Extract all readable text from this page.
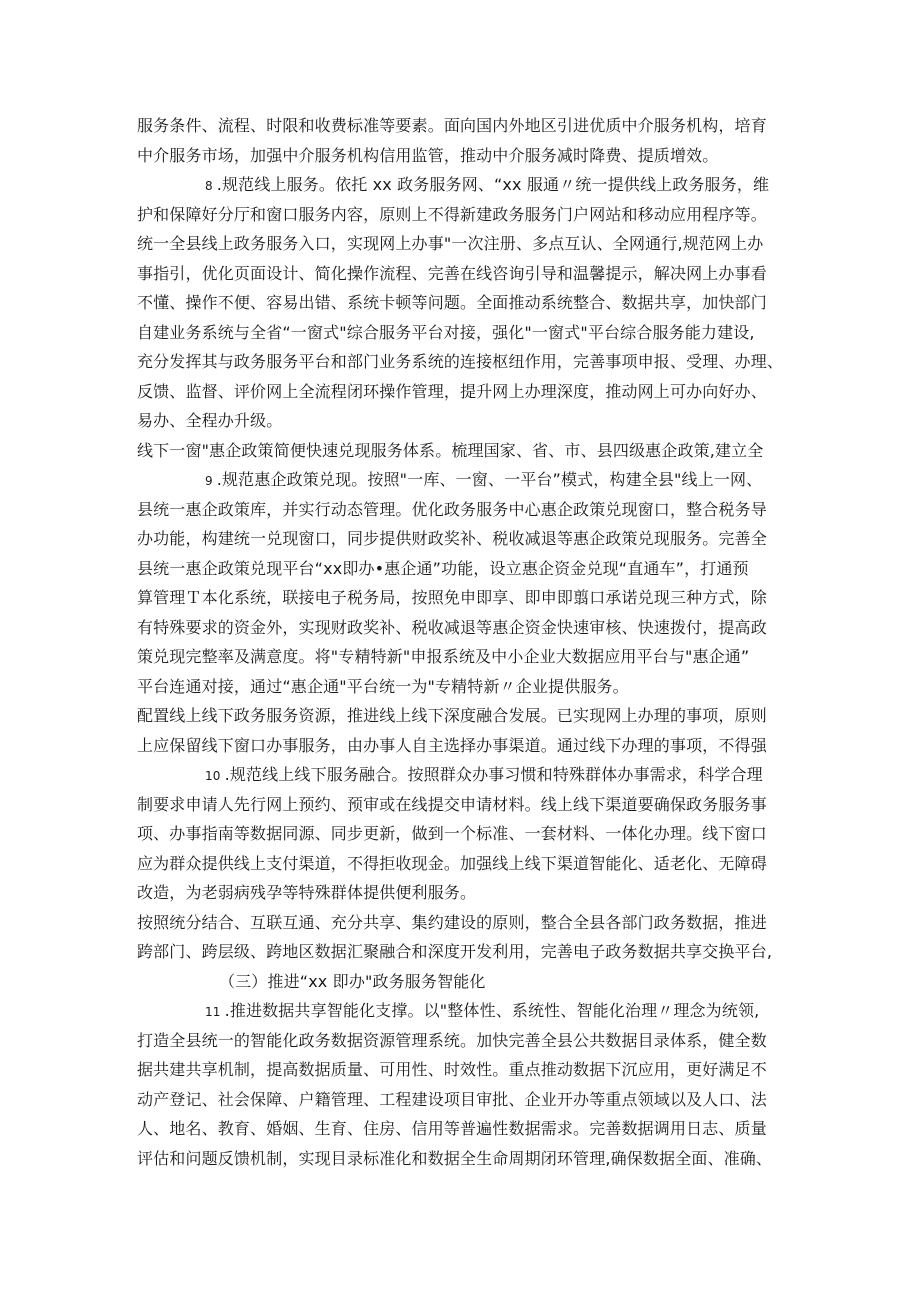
服务条件、流程、时限和收费标准等要素。面向国内外地区引进优质中介服务机构，培育
中介服务市场，加强中介服务机构信用监管，推动中介服务减时降费、提质增效。
8 .规范线上服务。依托 xx 政务服务网、“xx 服通〃统一提供线上政务服务，维
护和保障好分厅和窗口服务内容，原则上不得新建政务服务门户网站和移动应用程序等。
统一全县线上政务服务入口，实现网上办事"一次注册、多点互认、全网通行,规范网上办
事指引，优化页面设计、简化操作流程、完善在线咨询引导和温馨提示，解决网上办事看
不懂、操作不便、容易出错、系统卡顿等问题。全面推动系统整合、数据共享，加快部门
自建业务系统与全省“一窗式"综合服务平台对接，强化"一窗式"平台综合服务能力建设,
充分发挥其与政务服务平台和部门业务系统的连接枢纽作用，完善事项申报、受理、办理、
反馈、监督、评价网上全流程闭环操作管理，提升网上办理深度，推动网上可办向好办、
易办、全程办升级。
线下一窗"惠企政策简便快速兑现服务体系。梳理国家、省、市、县四级惠企政策,建立全
9 .规范惠企政策兑现。按照"一库、一窗、一平台”模式，构建全县"线上一网、
县统一惠企政策库，并实行动态管理。优化政务服务中心惠企政策兑现窗口，整合税务导
办功能，构建统一兑现窗口，同步提供财政奖补、税收减退等惠企政策兑现服务。完善全
县统一惠企政策兑现平台“xx即办•惠企通”功能，设立惠企资金兑现“直通车”，打通预
算管理Ｔ本化系统，联接电子税务局，按照免申即享、即申即翦口承诺兑现三种方式，除
有特殊要求的资金外，实现财政奖补、税收减退等惠企资金快速审核、快速拨付，提高政
策兑现完整率及满意度。将"专精特新"申报系统及中小企业大数据应用平台与"惠企通”
平台连通对接，通过“惠企通"平台统一为"专精特新〃企业提供服务。
配置线上线下政务服务资源，推进线上线下深度融合发展。已实现网上办理的事项，原则
上应保留线下窗口办事服务，由办事人自主选择办事渠道。通过线下办理的事项，不得强
10 .规范线上线下服务融合。按照群众办事习惯和特殊群体办事需求，科学合理
制要求申请人先行网上预约、预审或在线提交申请材料。线上线下渠道要确保政务服务事
项、办事指南等数据同源、同步更新，做到一个标准、一套材料、一体化办理。线下窗口
应为群众提供线上支付渠道，不得拒收现金。加强线上线下渠道智能化、适老化、无障碍
改造，为老弱病残孕等特殊群体提供便利服务。
按照统分结合、互联互通、充分共享、集约建设的原则，整合全县各部门政务数据，推进
跨部门、跨层级、跨地区数据汇聚融合和深度开发利用，完善电子政务数据共享交换平台,
（三）推进“xx 即办"政务服务智能化
11 .推进数据共享智能化支撑。以"整体性、系统性、智能化治理〃理念为统领,
打造全县统一的智能化政务数据资源管理系统。加快完善全县公共数据目录体系，健全数
据共建共享机制，提高数据质量、可用性、时效性。重点推动数据下沉应用，更好满足不
动产登记、社会保障、户籍管理、工程建设项目审批、企业开办等重点领域以及人口、法
人、地名、教育、婚姻、生育、住房、信用等普遍性数据需求。完善数据调用日志、质量
评估和问题反馈机制，实现目录标准化和数据全生命周期闭环管理,确保数据全面、准确、
